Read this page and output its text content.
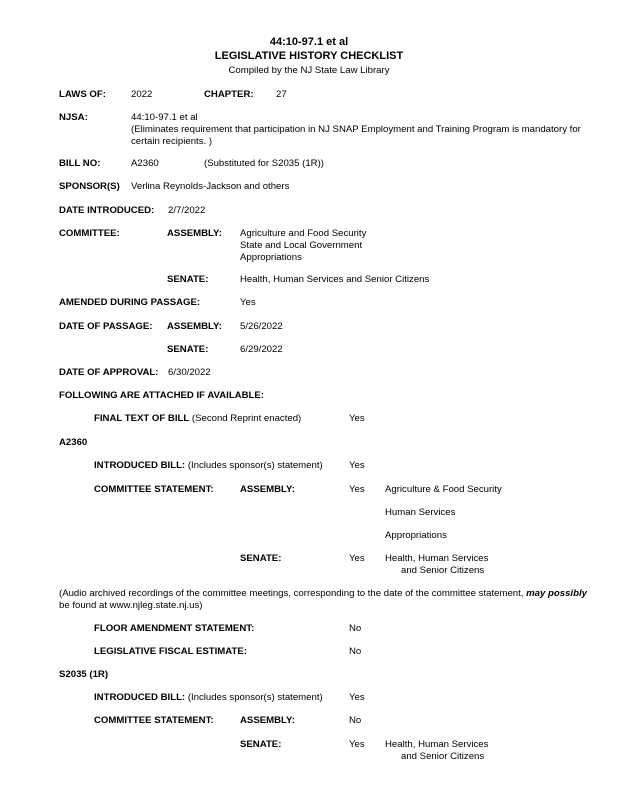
44:10-97.1 et al
LEGISLATIVE HISTORY CHECKLIST
Compiled by the NJ State Law Library
LAWS OF:	2022	CHAPTER: 27
NJSA:	44:10-97.1 et al
(Eliminates requirement that participation in NJ SNAP Employment and Training Program is mandatory for certain recipients. )
BILL NO:	A2360	(Substituted for S2035 (1R))
SPONSOR(S) Verlina Reynolds-Jackson and others
DATE INTRODUCED: 2/7/2022
COMMITTEE:	ASSEMBLY: Agriculture and Food Security
State and Local Government
Appropriations
SENATE:	Health, Human Services and Senior Citizens
AMENDED DURING PASSAGE:	Yes
DATE OF PASSAGE: ASSEMBLY: 5/26/2022
SENATE:	6/29/2022
DATE OF APPROVAL: 6/30/2022
FOLLOWING ARE ATTACHED IF AVAILABLE:
FINAL TEXT OF BILL (Second Reprint enacted)	Yes
A2360
INTRODUCED BILL: (Includes sponsor(s) statement)	Yes
COMMITTEE STATEMENT:	ASSEMBLY:	Yes Agriculture & Food Security
Human Services
Appropriations
SENATE:	Yes Health, Human Services
and Senior Citizens
(Audio archived recordings of the committee meetings, corresponding to the date of the committee statement, may possibly
be found at www.njleg.state.nj.us)
FLOOR AMENDMENT STATEMENT:	No
LEGISLATIVE FISCAL ESTIMATE:	No
S2035 (1R)
INTRODUCED BILL: (Includes sponsor(s) statement)	Yes
COMMITTEE STATEMENT:	ASSEMBLY:	No
SENATE:	Yes Health, Human Services
and Senior Citizens
